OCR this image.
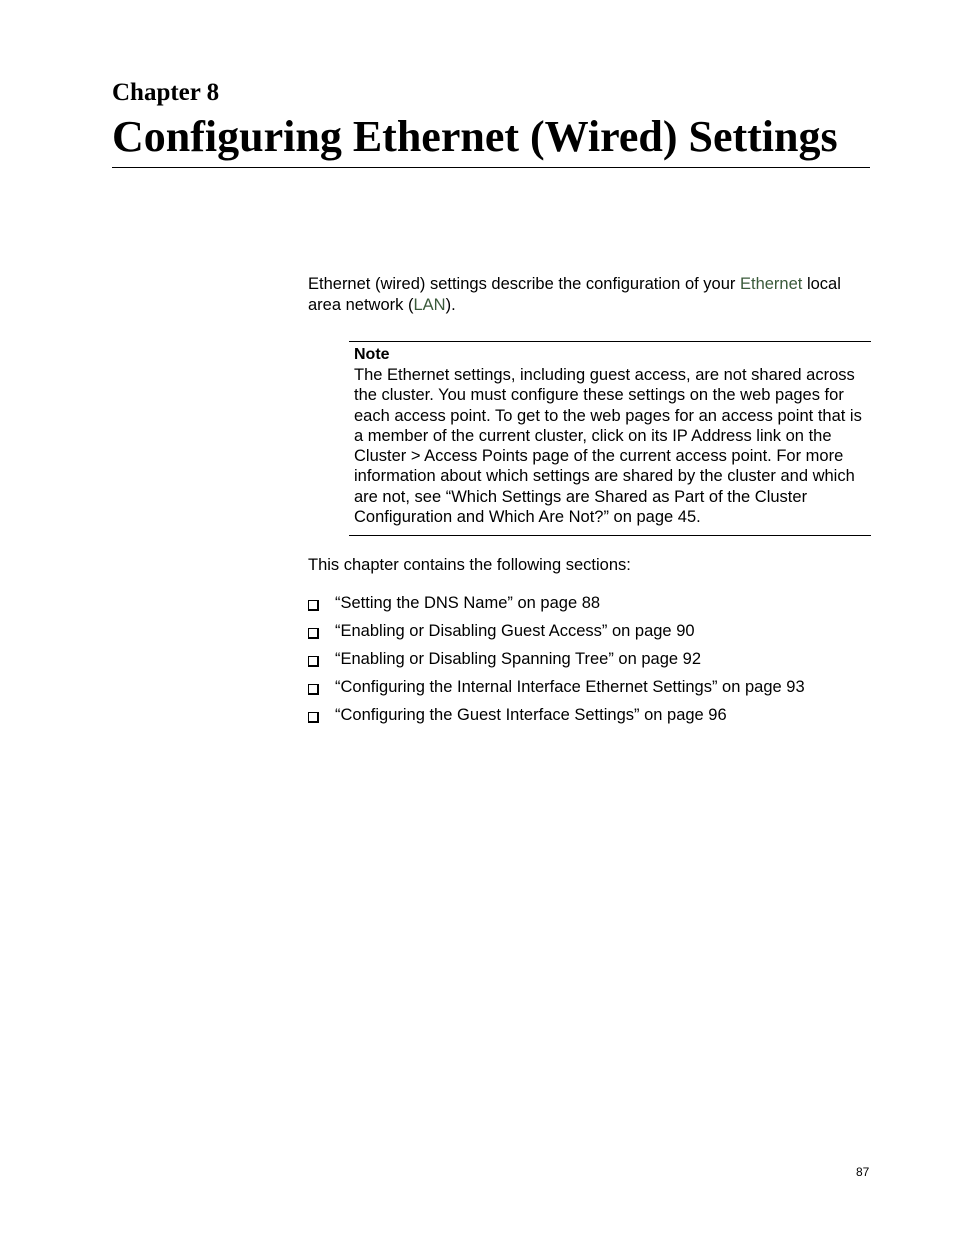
Chapter 8
Configuring Ethernet (Wired) Settings

Ethernet (wired) settings describe the configuration of your Ethernet local area network (LAN).

Note

The Ethernet settings, including guest access, are not shared across the cluster. You must configure these settings on the web pages for each access point. To get to the web pages for an access point that is a member of the current cluster, click on its IP Address link on the Cluster > Access Points page of the current access point. For more information about which settings are shared by the cluster and which are not, see “Which Settings are Shared as Part of the Cluster Configuration and Which Are Not?” on page 45.

This chapter contains the following sections:

“Setting the DNS Name” on page 88
“Enabling or Disabling Guest Access” on page 90
“Enabling or Disabling Spanning Tree” on page 92
“Configuring the Internal Interface Ethernet Settings” on page 93
“Configuring the Guest Interface Settings” on page 96

87
